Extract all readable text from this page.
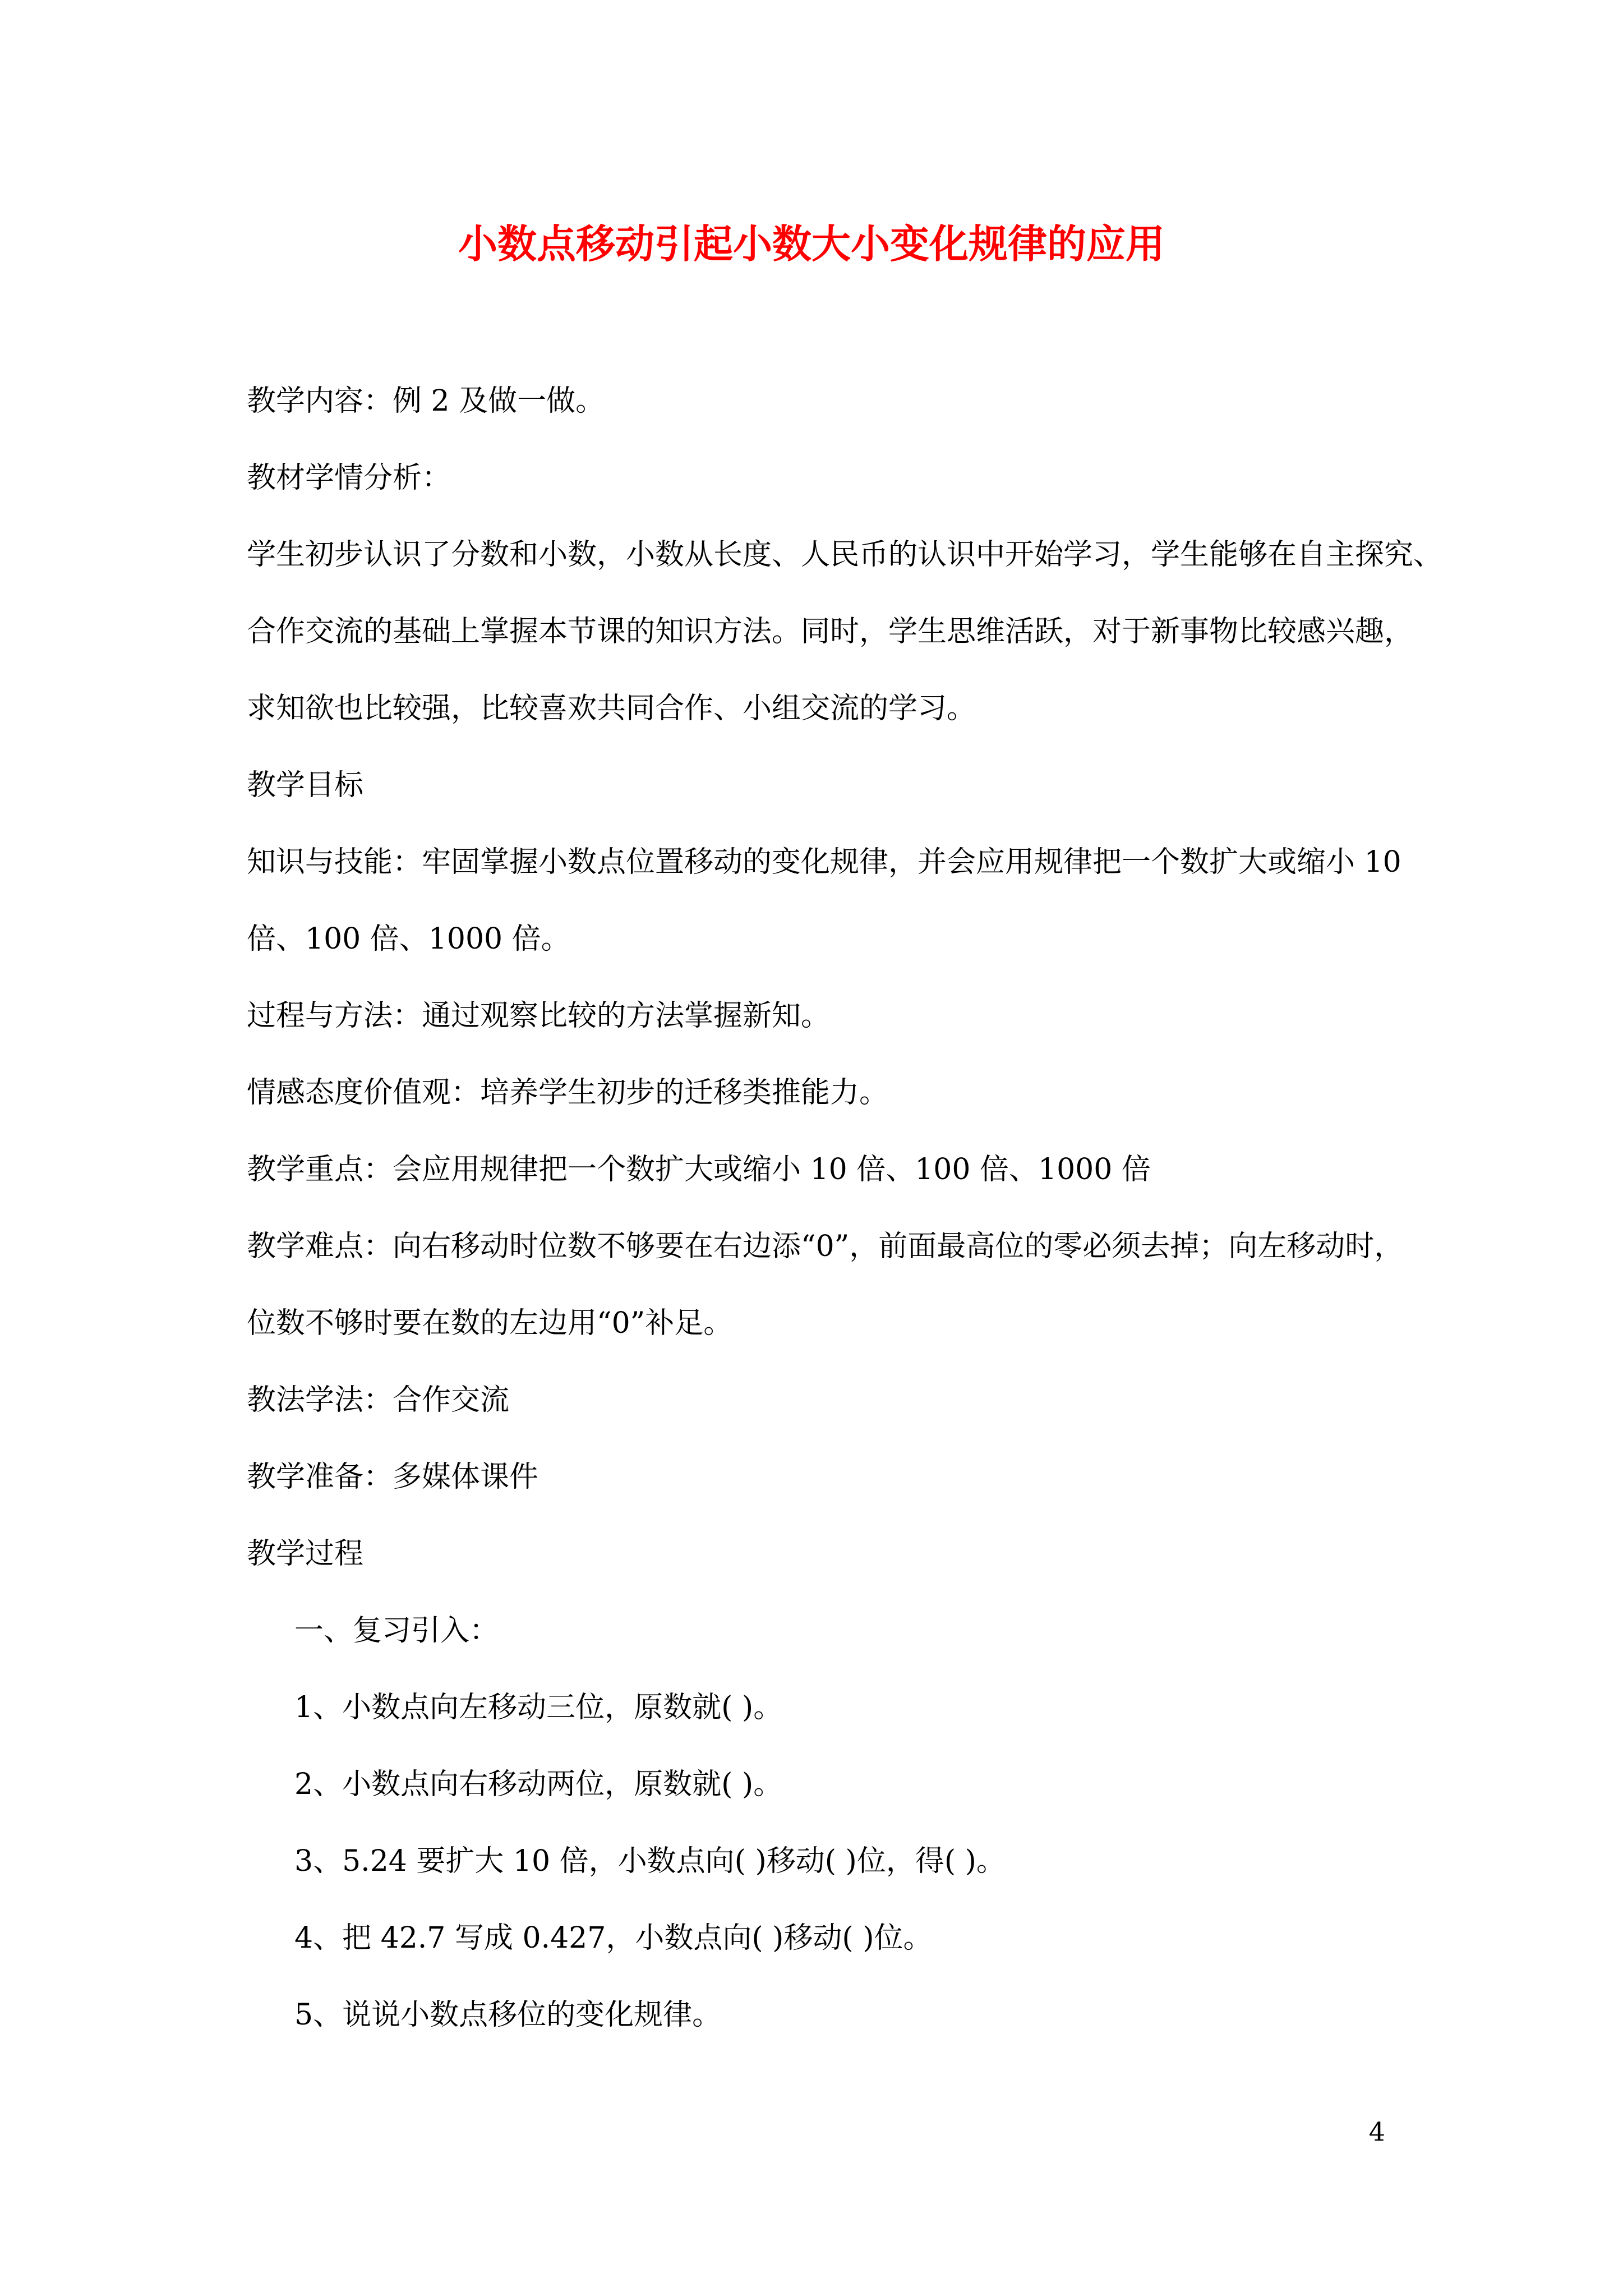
小数点移动引起小数大小变化规律的应用
教学内容：例 2 及做一做。
教材学情分析：
学生初步认识了分数和小数，小数从长度、人民币的认识中开始学习，学生能够在自主探究、
合作交流的基础上掌握本节课的知识方法。同时，学生思维活跃，对于新事物比较感兴趣，
求知欲也比较强，比较喜欢共同合作、小组交流的学习。
教学目标
知识与技能：牢固掌握小数点位置移动的变化规律，并会应用规律把一个数扩大或缩小 10
倍、100 倍、1000 倍。
过程与方法：通过观察比较的方法掌握新知。
情感态度价值观：培养学生初步的迁移类推能力。
教学重点：会应用规律把一个数扩大或缩小 10 倍、100 倍、1000 倍
教学难点：向右移动时位数不够要在右边添“0”，前面最高位的零必须去掉；向左移动时，
位数不够时要在数的左边用“0”补足。
教法学法：合作交流
教学准备：多媒体课件
教学过程
一、复习引入：
1、小数点向左移动三位，原数就( )。
2、小数点向右移动两位，原数就( )。
3、5.24 要扩大 10 倍，小数点向( )移动( )位，得( )。
4、把 42.7 写成 0.427，小数点向( )移动( )位。
5、说说小数点移位的变化规律。
4
